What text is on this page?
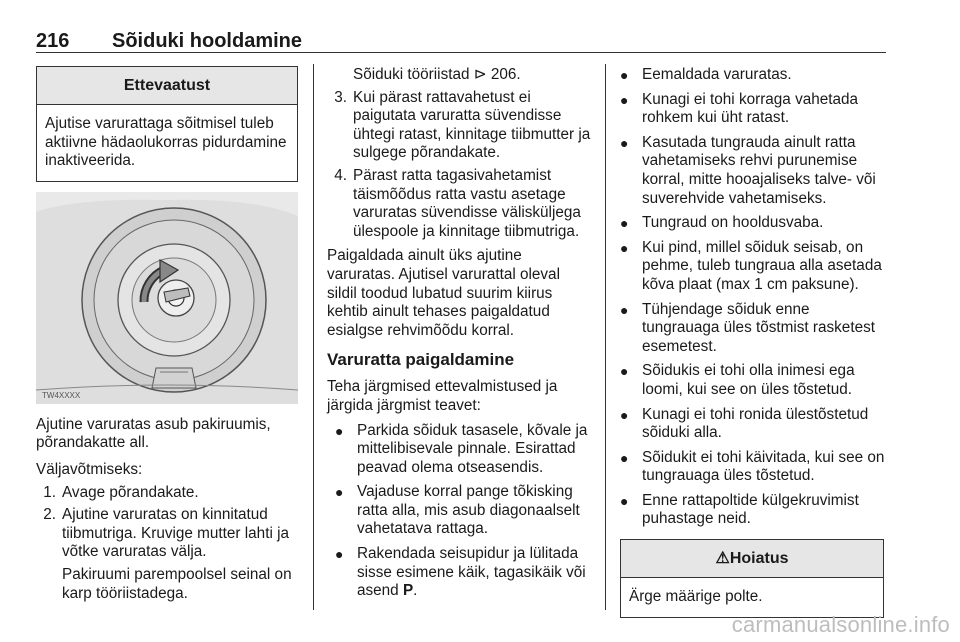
216 Sõiduki hooldamine
Ettevaatust
Ajutise varurattaga sõitmisel tuleb aktiivne hädaolukorras pidurdamine inaktiveerida.
TW4XXXX

Ajutine varuratas asub pakiruumis, põrandakatte all.

Väljavõtmiseks:

1. Avage põrandakate.
2. Ajutine varuratas on kinnitatud tiibmutriga. Kruvige mutter lahti ja võtke varuratas välja.

Pakiruumi parempoolsel seinal on karp tööriistadega.

Sõiduki tööriistad ⊳ 206.

3. Kui pärast rattavahetust ei paigutata varuratta süvendisse ühtegi ratast, kinnitage tiibmutter ja sulgege põrandakate.
4. Pärast ratta tagasivahetamist täismõõdus ratta vastu asetage varuratas süvendisse välisküljega ülespoole ja kinnitage tiibmutriga.

Paigaldada ainult üks ajutine varuratas. Ajutisel varurattal oleval sildil toodud lubatud suurim kiirus kehtib ainult tehases paigaldatud esialgse rehvimõõdu korral.

Varuratta paigaldamine

Teha järgmised ettevalmistused ja järgida järgmist teavet:

● Parkida sõiduk tasasele, kõvale ja mittelibisevale pinnale. Esirattad peavad olema otseasendis.
● Vajaduse korral pange tõkisking ratta alla, mis asub diagonaalselt vahetatava rattaga.
● Rakendada seisupidur ja lülitada sisse esimene käik, tagasikäik või asend P.
● Eemaldada varuratas.
● Kunagi ei tohi korraga vahetada rohkem kui üht ratast.
● Kasutada tungrauda ainult ratta vahetamiseks rehvi purunemise korral, mitte hooajaliseks talve- või suverehvide vahetamiseks.
● Tungraud on hooldusvaba.
● Kui pind, millel sõiduk seisab, on pehme, tuleb tungraua alla asetada kõva plaat (max 1 cm paksune).
● Tühjendage sõiduk enne tungrauaga üles tõstmist rasketest esemetest.
● Sõidukis ei tohi olla inimesi ega loomi, kui see on üles tõstetud.
● Kunagi ei tohi ronida ülestõstetud sõiduki alla.
● Sõidukit ei tohi käivitada, kui see on tungrauaga üles tõstetud.
● Enne rattapoltide külgekruvimist puhastage neid.
⚠Hoiatus
Ärge määrige polte.
carmanualsonline.info
